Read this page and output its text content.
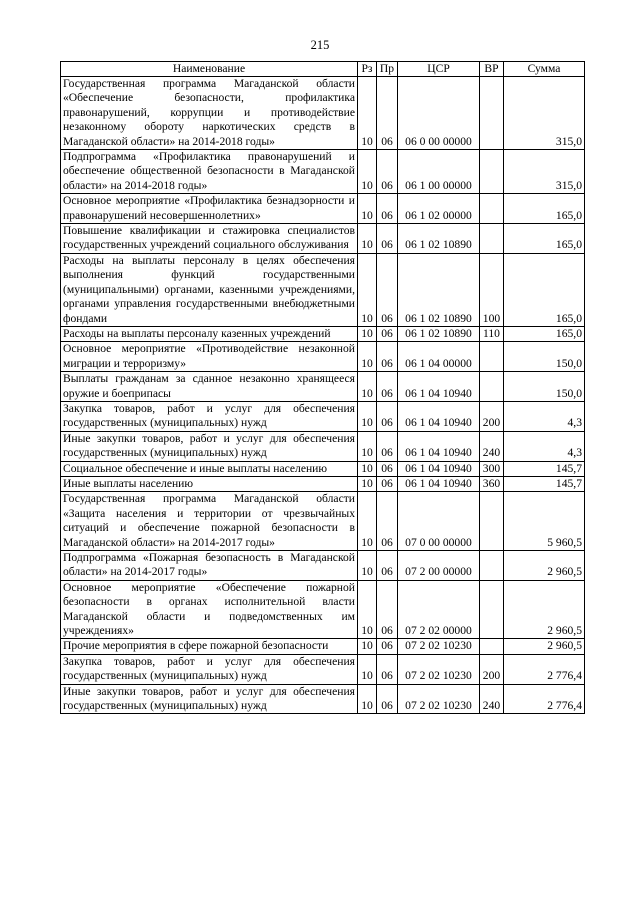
215
Наименование	Рз	Пр	ЦСР	ВР	Сумма
Государственная программа Магаданской области «Обеспечение безопасности, профилактика правонарушений, коррупции и противодействие незаконному обороту наркотических средств в Магаданской области» на 2014-2018 годы»	10	06	06 0 00 00000		315,0
Подпрограмма «Профилактика правонарушений и обеспечение общественной безопасности в Магаданской области» на 2014-2018 годы»	10	06	06 1 00 00000		315,0
Основное мероприятие «Профилактика безнадзорности и правонарушений несовершеннолетних»	10	06	06 1 02 00000		165,0
Повышение квалификации и стажировка специалистов государственных учреждений социального обслуживания	10	06	06 1 02 10890		165,0
Расходы на выплаты персоналу в целях обеспечения выполнения функций государственными (муниципальными) органами, казенными учреждениями, органами управления государственными внебюджетными фондами	10	06	06 1 02 10890	100	165,0
Расходы на выплаты персоналу казенных учреждений	10	06	06 1 02 10890	110	165,0
Основное мероприятие «Противодействие незаконной миграции и терроризму»	10	06	06 1 04 00000		150,0
Выплаты гражданам за сданное незаконно хранящееся оружие и боеприпасы	10	06	06 1 04 10940		150,0
Закупка товаров, работ и услуг для обеспечения государственных (муниципальных) нужд	10	06	06 1 04 10940	200	4,3
Иные закупки товаров, работ и услуг для обеспечения государственных (муниципальных) нужд	10	06	06 1 04 10940	240	4,3
Социальное обеспечение и иные выплаты населению	10	06	06 1 04 10940	300	145,7
Иные выплаты населению	10	06	06 1 04 10940	360	145,7
Государственная программа Магаданской области «Защита населения и территории от чрезвычайных ситуаций и обеспечение пожарной безопасности в Магаданской области» на 2014-2017 годы»	10	06	07 0 00 00000		5 960,5
Подпрограмма «Пожарная безопасность в Магаданской области» на 2014-2017 годы»	10	06	07 2 00 00000		2 960,5
Основное мероприятие «Обеспечение пожарной безопасности в органах исполнительной власти Магаданской области и подведомственных им учреждениях»	10	06	07 2 02 00000		2 960,5
Прочие мероприятия в сфере пожарной безопасности	10	06	07 2 02 10230		2 960,5
Закупка товаров, работ и услуг для обеспечения государственных (муниципальных) нужд	10	06	07 2 02 10230	200	2 776,4
Иные закупки товаров, работ и услуг для обеспечения государственных (муниципальных) нужд	10	06	07 2 02 10230	240	2 776,4
